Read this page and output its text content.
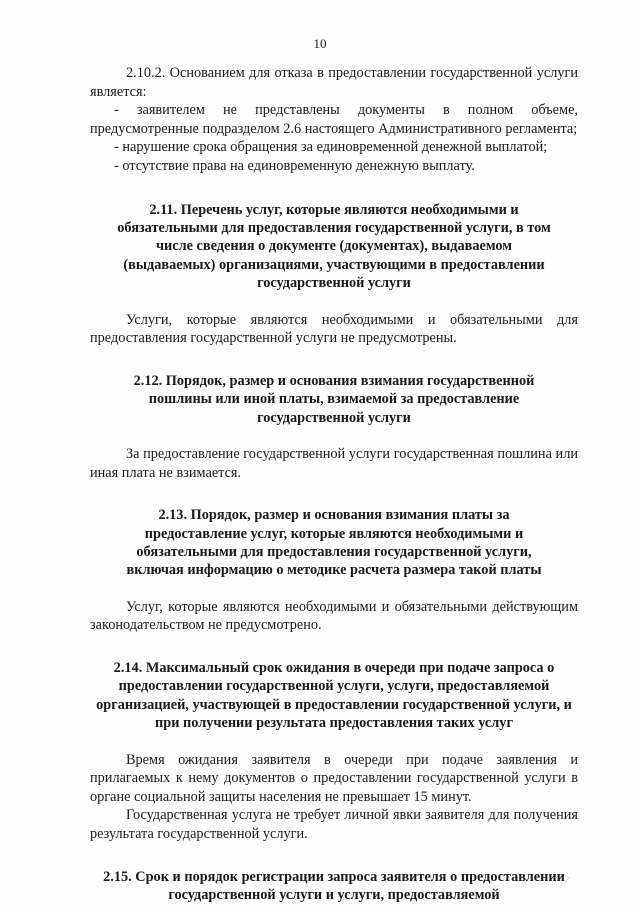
10

2.10.2. Основанием для отказа в предоставлении государственной услуги является:

- заявителем не представлены документы в полном объеме, предусмотренные подразделом 2.6 настоящего Административного регламента;

- нарушение срока обращения за единовременной денежной выплатой;

- отсутствие права на единовременную денежную выплату.

2.11. Перечень услуг, которые являются необходимыми и обязательными для предоставления государственной услуги, в том числе сведения о документе (документах), выдаваемом (выдаваемых) организациями, участвующими в предоставлении государственной услуги

Услуги, которые являются необходимыми и обязательными для предоставления государственной услуги не предусмотрены.

2.12. Порядок, размер и основания взимания государственной пошлины или иной платы, взимаемой за предоставление государственной услуги

За предоставление государственной услуги государственная пошлина или иная плата не взимается.

2.13. Порядок, размер и основания взимания платы за предоставление услуг, которые являются необходимыми и обязательными для предоставления государственной услуги, включая информацию о методике расчета размера такой платы

Услуг, которые являются необходимыми и обязательными действующим законодательством не предусмотрено.

2.14. Максимальный срок ожидания в очереди при подаче запроса о предоставлении государственной услуги, услуги, предоставляемой организацией, участвующей в предоставлении государственной услуги, и при получении результата предоставления таких услуг

Время ожидания заявителя в очереди при подаче заявления и прилагаемых к нему документов о предоставлении государственной услуги в органе социальной защиты населения не превышает 15 минут.

Государственная услуга не требует личной явки заявителя для получения результата государственной услуги.

2.15. Срок и порядок регистрации запроса заявителя о предоставлении государственной услуги и услуги, предоставляемой

⁄
